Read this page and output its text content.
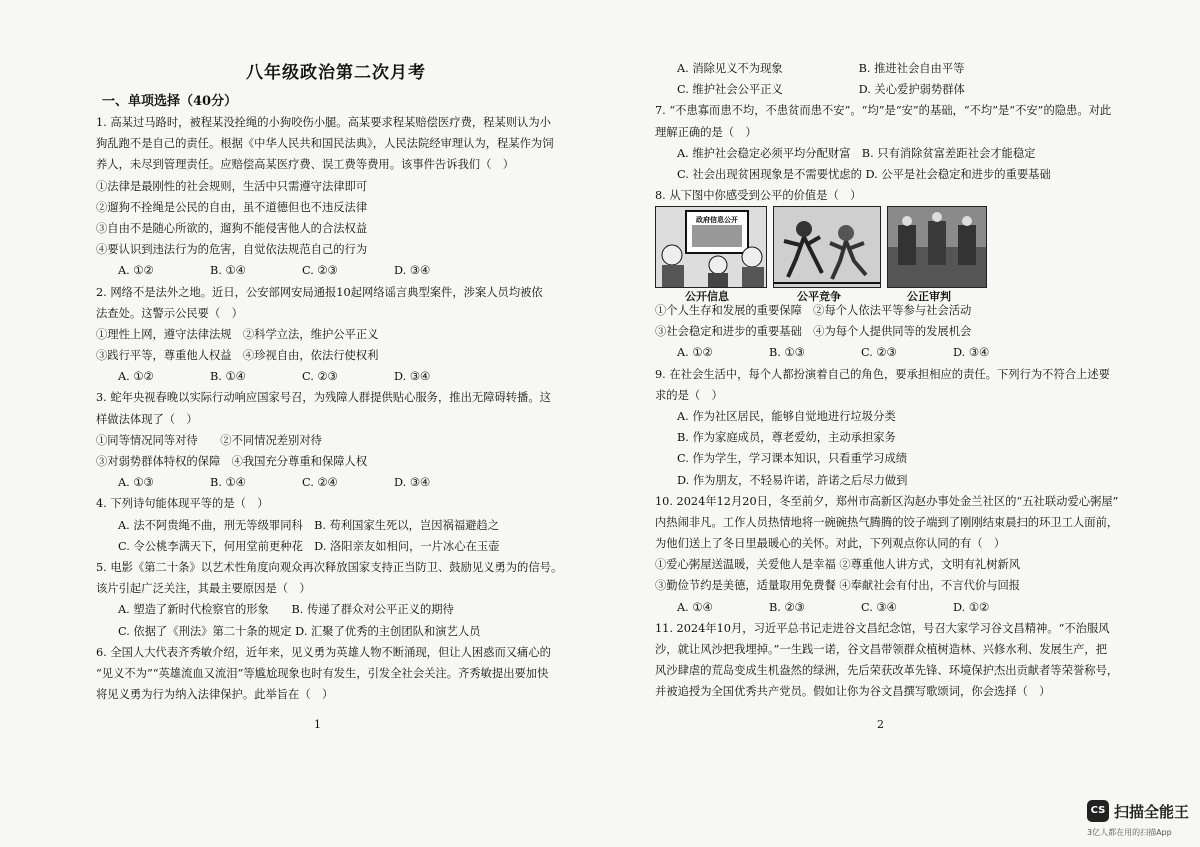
八年级政治第二次月考
一、单项选择（40分）
1. 高某过马路时，被程某没拴绳的小狗咬伤小腿。高某要求程某赔偿医疗费，程某则认为小
狗乱跑不是自己的责任。根据《中华人民共和国民法典》，人民法院经审理认为，程某作为饲
养人，未尽到管理责任。应赔偿高某医疗费、误工费等费用。该事件告诉我们（　）
①法律是最刚性的社会规则，生活中只需遵守法律即可
②遛狗不拴绳是公民的自由，虽不道德但也不违反法律
③自由不是随心所欲的，遛狗不能侵害他人的合法权益
④要认识到违法行为的危害，自觉依法规范自己的行为
A. ①②	B. ①④	C. ②③	D. ③④
2. 网络不是法外之地。近日，公安部网安局通报10起网络谣言典型案件，涉案人员均被依
法查处。这警示公民要（　）
①理性上网，遵守法律法规　②科学立法，维护公平正义
③践行平等，尊重他人权益　④珍视自由，依法行使权利
A. ①②	B. ①④	C. ②③	D. ③④
3. 蛇年央视春晚以实际行动响应国家号召，为残障人群提供贴心服务，推出无障碍转播。这
样做法体现了（　）
①同等情况同等对待　　②不同情况差别对待
③对弱势群体特权的保障　④我国充分尊重和保障人权
A. ①③	B. ①④	C. ②④	D. ③④
4. 下列诗句能体现平等的是（　）
A. 法不阿贵绳不曲，刑无等级罪同科　B. 苟利国家生死以，岂因祸福避趋之
C. 令公桃李满天下，何用堂前更种花　D. 洛阳亲友如相问，一片冰心在玉壶
5. 电影《第二十条》以艺术性角度向观众再次释放国家支持正当防卫、鼓励见义勇为的信号。
该片引起广泛关注，其最主要原因是（　）
A. 塑造了新时代检察官的形象　　B. 传递了群众对公平正义的期待
C. 依据了《刑法》第二十条的规定 D. 汇聚了优秀的主创团队和演艺人员
6. 全国人大代表齐秀敏介绍，近年来，见义勇为英雄人物不断涌现，但让人困惑而又痛心的
“见义不为”“英雄流血又流泪”等尴尬现象也时有发生，引发全社会关注。齐秀敏提出要加快
将见义勇为行为纳入法律保护。此举旨在（　）
1
A. 消除见义不为现象	B. 推进社会自由平等
C. 维护社会公平正义	D. 关心爱护弱势群体
7. “不患寡而患不均，不患贫而患不安”。“均”是“安”的基础，“不均”是“不安”的隐患。对此
理解正确的是（　）
A. 维护社会稳定必须平均分配财富　B. 只有消除贫富差距社会才能稳定
C. 社会出现贫困现象是不需要忧虑的 D. 公平是社会稳定和进步的重要基础
8. 从下图中你感受到公平的价值是（　）
政府信息公开
公开信息	公平竞争	公正审判
①个人生存和发展的重要保障　②每个人依法平等参与社会活动
③社会稳定和进步的重要基础　④为每个人提供同等的发展机会
A. ①②	B. ①③	C. ②③	D. ③④
9. 在社会生活中，每个人都扮演着自己的角色，要承担相应的责任。下列行为不符合上述要
求的是（　）
A. 作为社区居民，能够自觉地进行垃圾分类
B. 作为家庭成员，尊老爱幼，主动承担家务
C. 作为学生，学习课本知识，只看重学习成绩
D. 作为朋友，不轻易许诺，許诺之后尽力做到
10. 2024年12月20日，冬至前夕，郑州市高新区沟赵办事处金兰社区的“五社联动爱心粥屋”
内热闹非凡。工作人员热情地将一碗碗热气腾腾的饺子端到了刚刚结束晨扫的环卫工人面前，
为他们送上了冬日里最暖心的关怀。对此，下列观点你认同的有（　）
①爱心粥屋送温暖，关爱他人是幸福 ②尊重他人讲方式，文明有礼树新风
③勤俭节约是美德，适量取用免费餐 ④奉献社会有付出，不言代价与回报
A. ①④	B. ②③	C. ③④	D. ①②
11. 2024年10月，习近平总书记走进谷文昌纪念馆，号召大家学习谷文昌精神。“不治服风
沙，就让风沙把我埋掉。”一生践一诺，谷文昌带领群众植树造林、兴修水利、发展生产，把
风沙肆虐的荒岛变成生机盎然的绿洲，先后荣获改革先锋、环境保护杰出贡献者等荣誉称号，
并被追授为全国优秀共产党员。假如让你为谷文昌撰写歌颂词，你会选择（　）
2
CS 扫描全能王
3亿人都在用的扫描App
